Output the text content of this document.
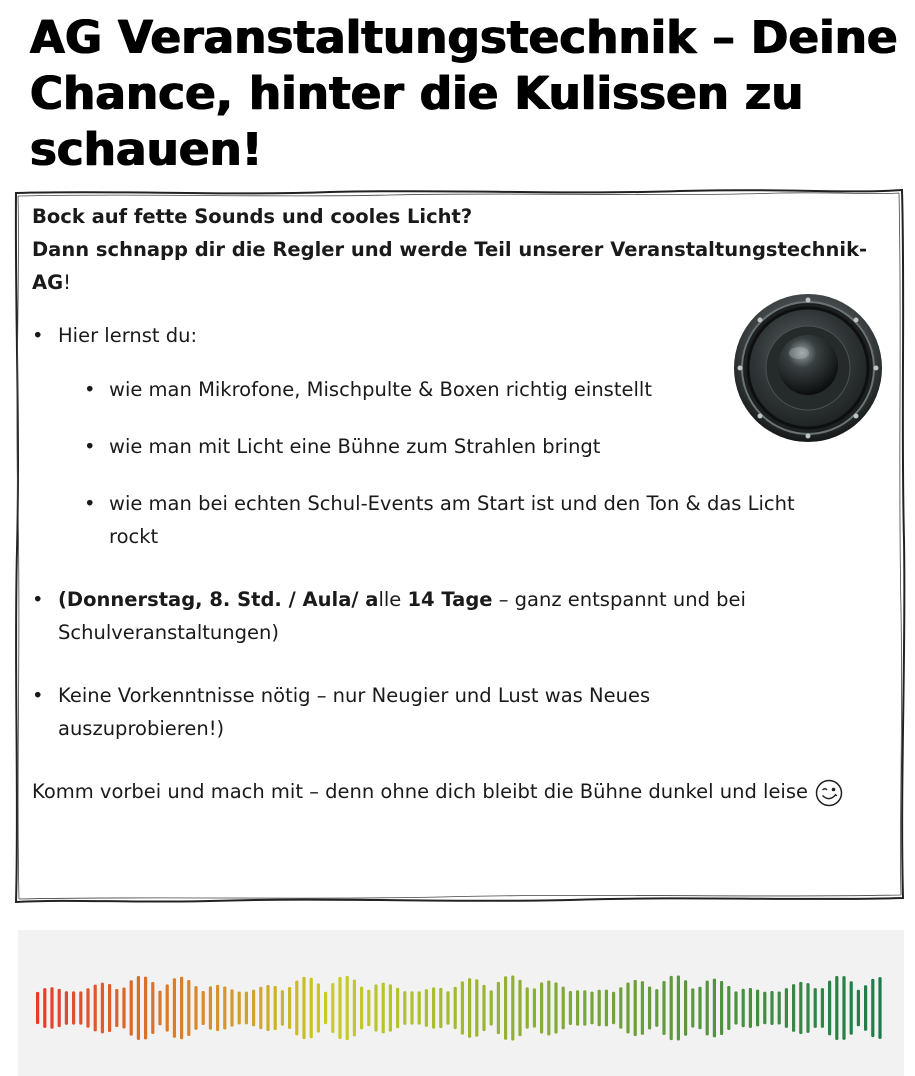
AG Veranstaltungstechnik – Deine Chance, hinter die Kulissen zu schauen!

Bock auf fette Sounds und cooles Licht?

Dann schnapp dir die Regler und werde Teil unserer Veranstaltungstechnik-AG!

• Hier lernst du:

• wie man Mikrofone, Mischpulte & Boxen richtig einstellt

• wie man mit Licht eine Bühne zum Strahlen bringt

• wie man bei echten Schul-Events am Start ist und den Ton & das Licht rockt

• (Donnerstag, 8. Std. / Aula/ alle 14 Tage – ganz entspannt und bei Schulveranstaltungen)

• Keine Vorkenntnisse nötig – nur Neugier und Lust was Neues auszuprobieren!)

Komm vorbei und mach mit – denn ohne dich bleibt die Bühne dunkel und leise
